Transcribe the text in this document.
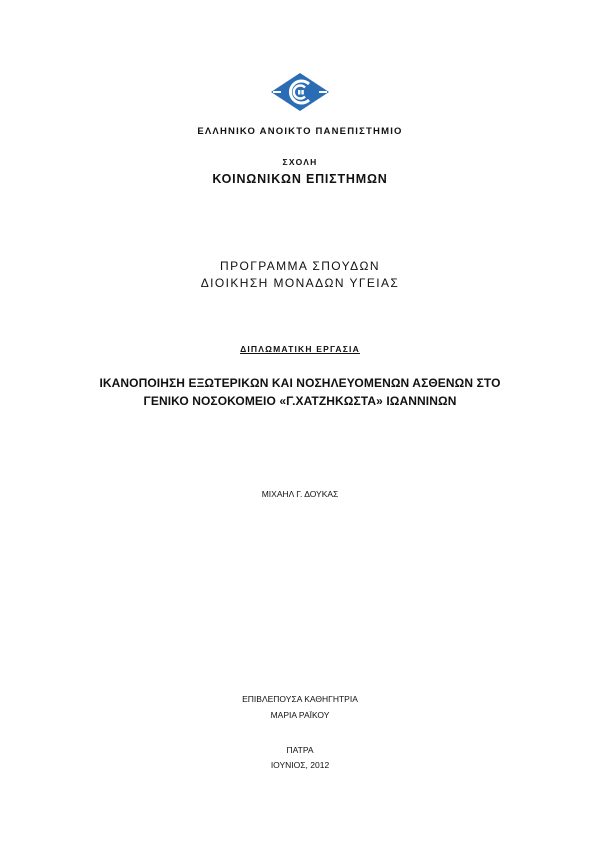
ΕΛΛΗΝΙΚΟ ΑΝΟΙΚΤΟ ΠΑΝΕΠΙΣΤΗΜΙΟ
ΣΧΟΛΗ
ΚΟΙΝΩΝΙΚΩΝ ΕΠΙΣΤΗΜΩΝ
ΠΡΟΓΡΑΜΜΑ ΣΠΟΥΔΩΝ
ΔΙΟΙΚΗΣΗ ΜΟΝΑΔΩΝ ΥΓΕΙΑΣ
ΔΙΠΛΩΜΑΤΙΚΗ ΕΡΓΑΣΙΑ
ΙΚΑΝΟΠΟΙΗΣΗ ΕΞΩΤΕΡΙΚΩΝ ΚΑΙ ΝΟΣΗΛΕΥΟΜΕΝΩΝ ΑΣΘΕΝΩΝ ΣΤΟ
ΓΕΝΙΚΟ ΝΟΣΟΚΟΜΕΙΟ «Γ.ΧΑΤΖΗΚΩΣΤΑ» ΙΩΑΝΝΙΝΩΝ
ΜΙΧΑΗΛ Γ. ΔΟΥΚΑΣ
ΕΠΙΒΛΕΠΟΥΣΑ ΚΑΘΗΓΗΤΡΙΑ
ΜΑΡΙΑ ΡΑΪΚΟΥ
ΠΑΤΡΑ
ΙΟΥΝΙΟΣ, 2012
